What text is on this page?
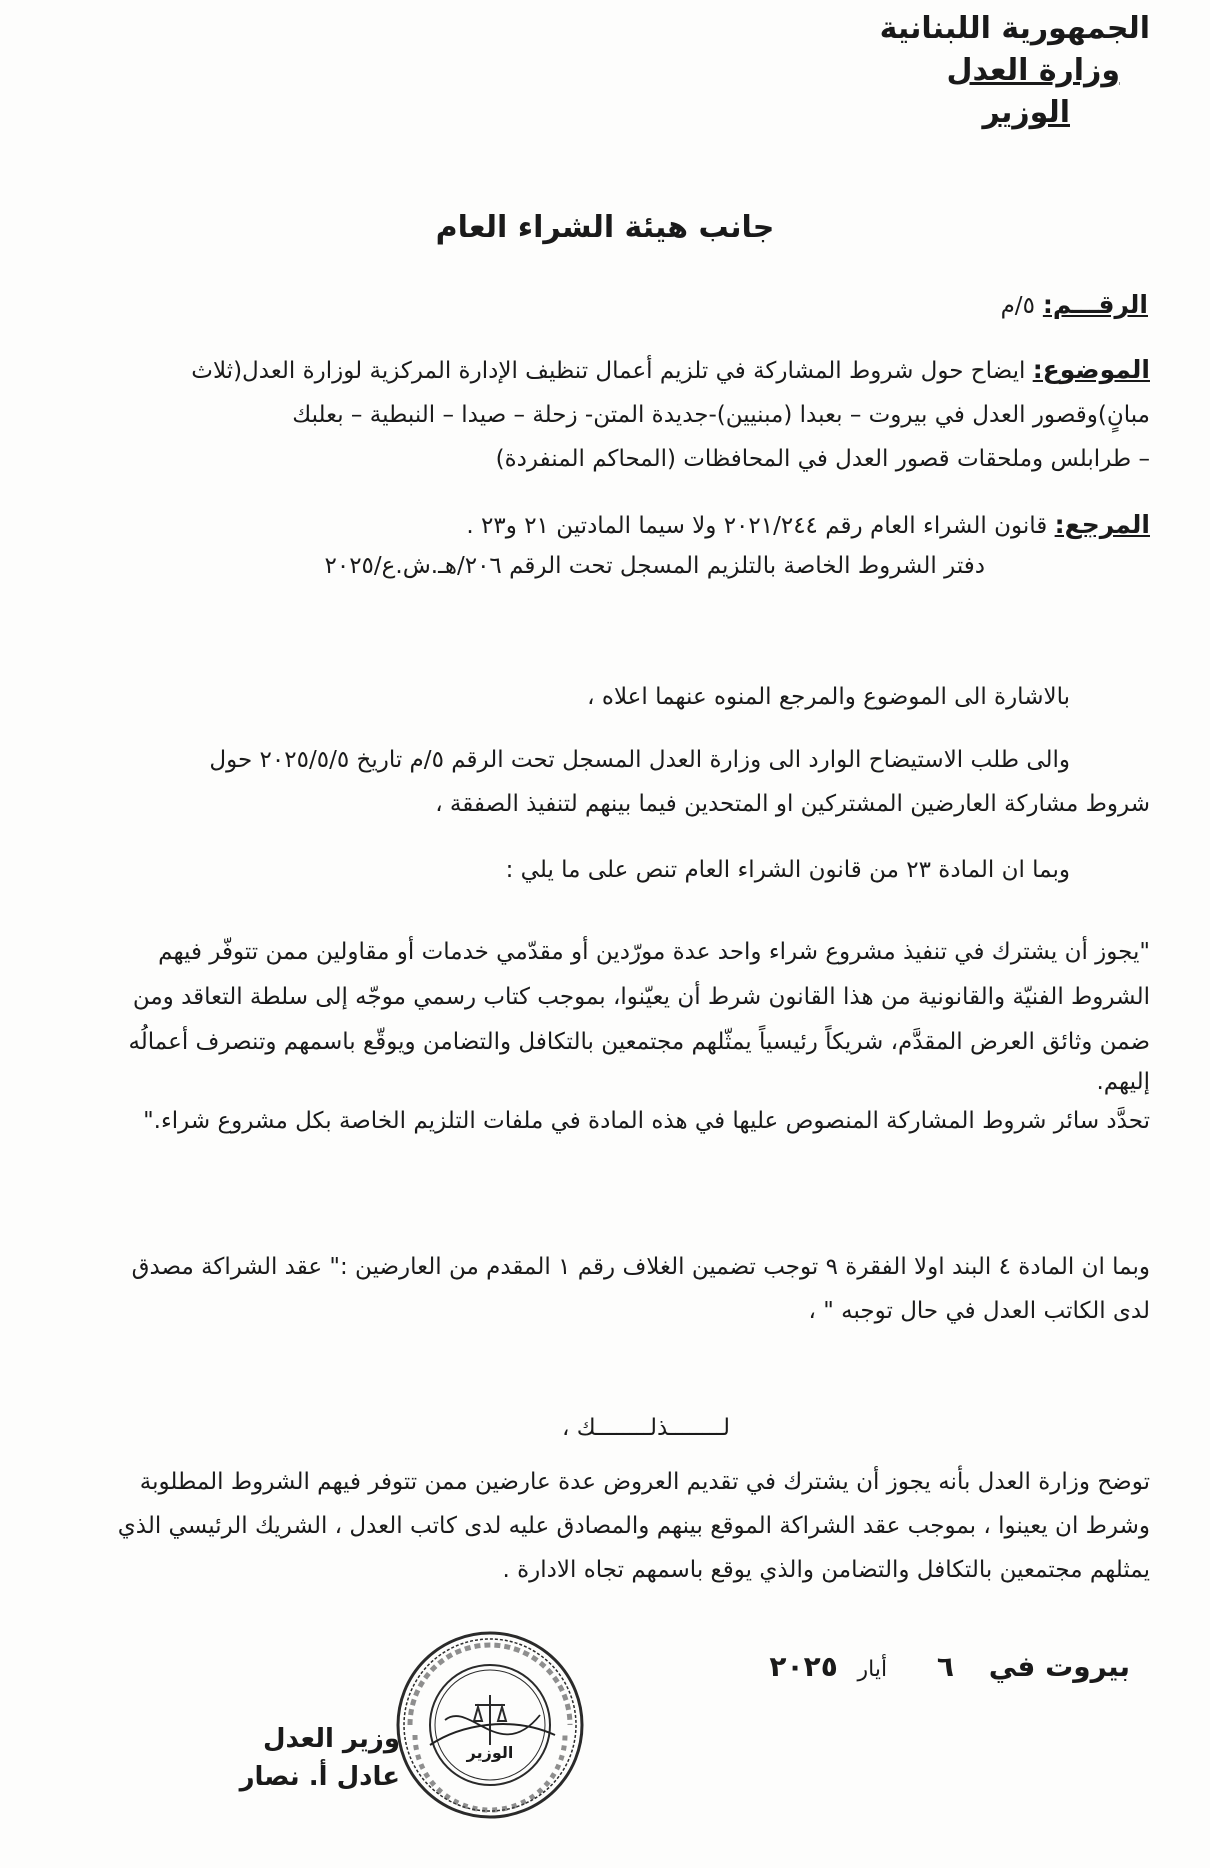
الجمهورية اللبنانية
وزارة العدل
الوزير
جانب هيئة الشراء العام
الرقـــم: ٥/م
الموضوع: ايضاح حول شروط المشاركة في تلزيم أعمال تنظيف الإدارة المركزية لوزارة العدل(ثلاث
مبانٍ)وقصور العدل في بيروت – بعبدا (مبنيين)-جديدة المتن- زحلة – صيدا – النبطية – بعلبك
– طرابلس وملحقات قصور العدل في المحافظات (المحاكم المنفردة)
المرجع: قانون الشراء العام رقم ٢٠٢١/٢٤٤ ولا سيما المادتين ٢١ و٢٣ .
دفتر الشروط الخاصة بالتلزيم المسجل تحت الرقم ٢٠٦/هـ.ش.ع/٢٠٢٥
بالاشارة الى الموضوع والمرجع المنوه عنهما اعلاه ،
والى طلب الاستيضاح الوارد الى وزارة العدل المسجل تحت الرقم ٥/م تاريخ ٢٠٢٥/٥/٥ حول
شروط مشاركة العارضين المشتركين او المتحدين فيما بينهم لتنفيذ الصفقة ،
وبما ان المادة ٢٣ من قانون الشراء العام تنص على ما يلي :
"يجوز أن يشترك في تنفيذ مشروع شراء واحد عدة مورّدين أو مقدّمي خدمات أو مقاولين ممن تتوفّر فيهم
الشروط الفنيّة والقانونية من هذا القانون شرط أن يعيّنوا، بموجب كتاب رسمي موجّه إلى سلطة التعاقد ومن
ضمن وثائق العرض المقدَّم، شريكاً رئيسياً يمثّلهم مجتمعين بالتكافل والتضامن ويوقّع باسمهم وتنصرف أعمالُه
إليهم.
تحدَّد سائر شروط المشاركة المنصوص عليها في هذه المادة في ملفات التلزيم الخاصة بكل مشروع شراء."
وبما ان المادة ٤ البند اولا الفقرة ٩ توجب تضمين الغلاف رقم ١ المقدم من العارضين :" عقد الشراكة مصدق
لدى الكاتب العدل في حال توجبه " ،
لــــــــذلــــــــك ،
توضح وزارة العدل بأنه يجوز أن يشترك في تقديم العروض عدة عارضين ممن تتوفر فيهم الشروط المطلوبة
وشرط ان يعينوا ، بموجب عقد الشراكة الموقع بينهم والمصادق عليه لدى كاتب العدل ، الشريك الرئيسي الذي
يمثلهم مجتمعين بالتكافل والتضامن والذي يوقع باسمهم تجاه الادارة .
بيروت في ٦ أيار ٢٠٢٥
الوزير
وزير العدل
عادل أ. نصار
